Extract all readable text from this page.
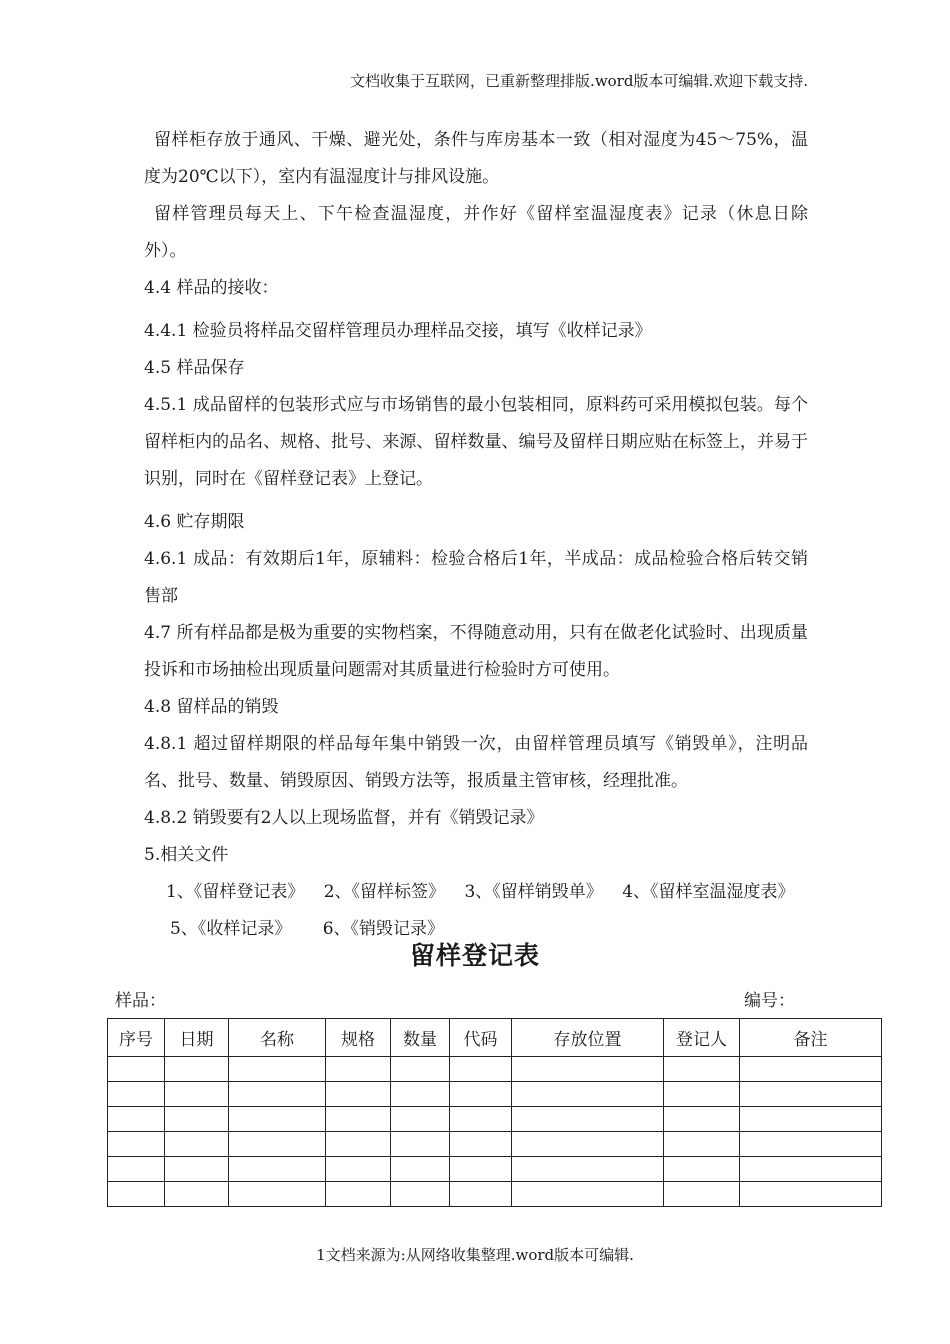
文档收集于互联网，已重新整理排版.word版本可编辑.欢迎下载支持.

留样柜存放于通风、干燥、避光处，条件与库房基本一致（相对湿度为45～75%，温度为20℃以下），室内有温湿度计与排风设施。

留样管理员每天上、下午检查温湿度，并作好《留样室温湿度表》记录（休息日除外）。

4.4 样品的接收：

4.4.1 检验员将样品交留样管理员办理样品交接，填写《收样记录》

4.5 样品保存

4.5.1 成品留样的包装形式应与市场销售的最小包装相同，原料药可采用模拟包装。每个留样柜内的品名、规格、批号、来源、留样数量、编号及留样日期应贴在标签上，并易于识别，同时在《留样登记表》上登记。

4.6 贮存期限

4.6.1 成品：有效期后1年，原辅料：检验合格后1年，半成品：成品检验合格后转交销售部

4.7 所有样品都是极为重要的实物档案，不得随意动用，只有在做老化试验时、出现质量投诉和市场抽检出现质量问题需对其质量进行检验时方可使用。

4.8 留样品的销毁

4.8.1 超过留样期限的样品每年集中销毁一次，由留样管理员填写《销毁单》，注明品名、批号、数量、销毁原因、销毁方法等，报质量主管审核，经理批准。

4.8.2 销毁要有2人以上现场监督，并有《销毁记录》

5.相关文件

1、《留样登记表》 2、《留样标签》 3、《留样销毁单》 4、《留样室温湿度表》
5、《收样记录》 6、《销毁记录》
留样登记表
样品：	编号：
序号	日期	名称	规格	数量	代码	存放位置	登记人	备注

1文档来源为:从网络收集整理.word版本可编辑.
